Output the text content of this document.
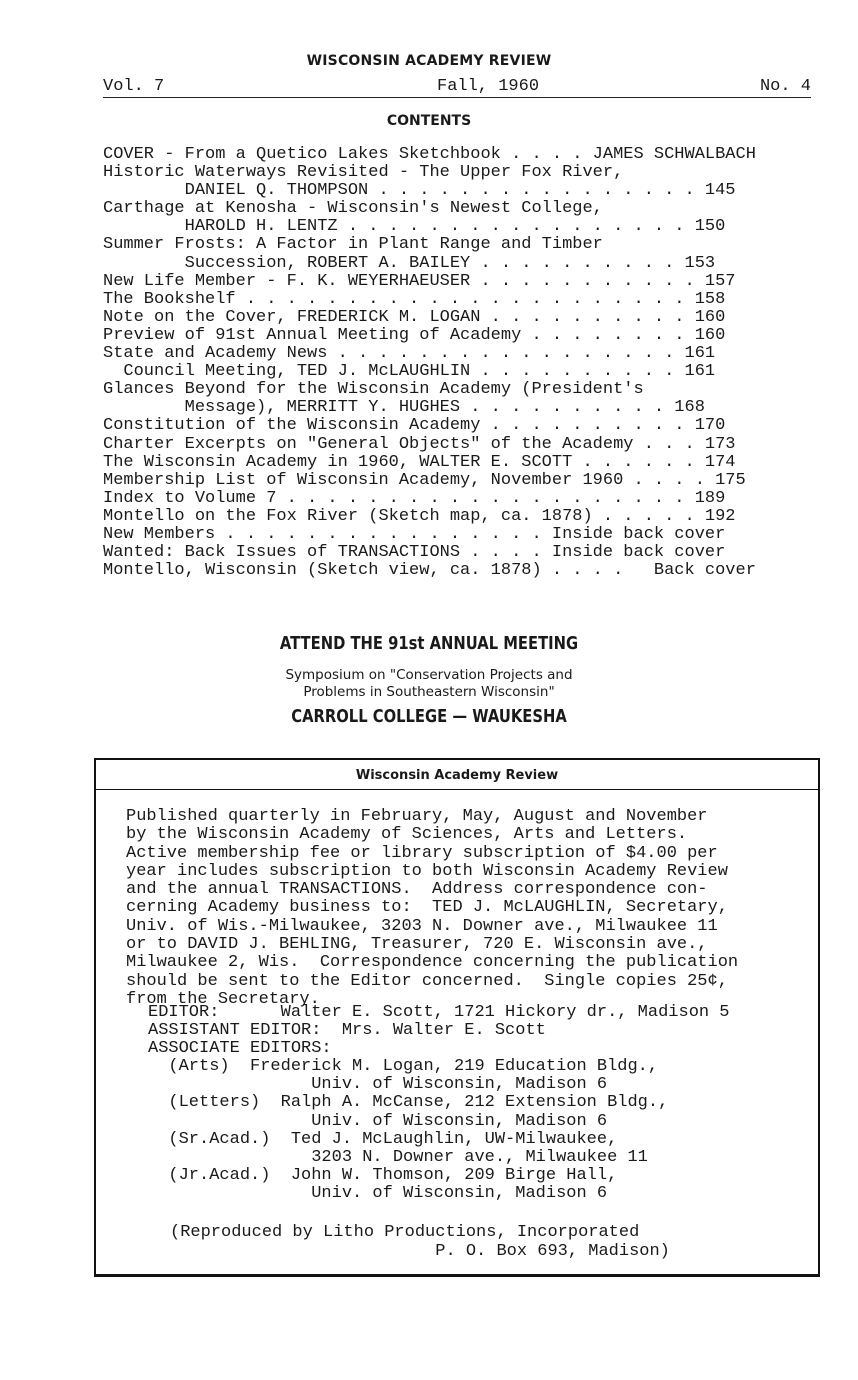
WISCONSIN ACADEMY REVIEW
Vol. 7	Fall, 1960	No. 4
CONTENTS
COVER - From a Quetico Lakes Sketchbook . . . . JAMES SCHWALBACH
Historic Waterways Revisited - The Upper Fox River,
DANIEL Q. THOMPSON . . . . . . . . . . . . . . . . 145
Carthage at Kenosha - Wisconsin's Newest College,
HAROLD H. LENTZ . . . . . . . . . . . . . . . . . 150
Summer Frosts: A Factor in Plant Range and Timber
Succession, ROBERT A. BAILEY . . . . . . . . . . 153
New Life Member - F. K. WEYERHAEUSER . . . . . . . . . . . 157
The Bookshelf . . . . . . . . . . . . . . . . . . . . . . 158
Note on the Cover, FREDERICK M. LOGAN . . . . . . . . . . 160
Preview of 91st Annual Meeting of Academy . . . . . . . . 160
State and Academy News . . . . . . . . . . . . . . . . . 161
Council Meeting, TED J. McLAUGHLIN . . . . . . . . . . 161
Glances Beyond for the Wisconsin Academy (President's
Message), MERRITT Y. HUGHES . . . . . . . . . . 168
Constitution of the Wisconsin Academy . . . . . . . . . . 170
Charter Excerpts on "General Objects" of the Academy . . . 173
The Wisconsin Academy in 1960, WALTER E. SCOTT . . . . . . 174
Membership List of Wisconsin Academy, November 1960 . . . . 175
Index to Volume 7 . . . . . . . . . . . . . . . . . . . . 189
Montello on the Fox River (Sketch map, ca. 1878) . . . . . 192
New Members . . . . . . . . . . . . . . . . Inside back cover
Wanted: Back Issues of TRANSACTIONS . . . . Inside back cover
Montello, Wisconsin (Sketch view, ca. 1878) . . . .   Back cover
ATTEND THE 91st ANNUAL MEETING
Symposium on "Conservation Projects and
Problems in Southeastern Wisconsin"
CARROLL COLLEGE — WAUKESHA
Wisconsin Academy Review
Published quarterly in February, May, August and November
by the Wisconsin Academy of Sciences, Arts and Letters.
Active membership fee or library subscription of $4.00 per
year includes subscription to both Wisconsin Academy Review
and the annual TRANSACTIONS.  Address correspondence con-
cerning Academy business to:  TED J. McLAUGHLIN, Secretary,
Univ. of Wis.-Milwaukee, 3203 N. Downer ave., Milwaukee 11
or to DAVID J. BEHLING, Treasurer, 720 E. Wisconsin ave.,
Milwaukee 2, Wis.  Correspondence concerning the publication
should be sent to the Editor concerned.  Single copies 25¢,
from the Secretary.
EDITOR:      Walter E. Scott, 1721 Hickory dr., Madison 5
ASSISTANT EDITOR:  Mrs. Walter E. Scott
ASSOCIATE EDITORS:
(Arts)  Frederick M. Logan, 219 Education Bldg.,
Univ. of Wisconsin, Madison 6
(Letters)  Ralph A. McCanse, 212 Extension Bldg.,
Univ. of Wisconsin, Madison 6
(Sr.Acad.)  Ted J. McLaughlin, UW-Milwaukee,
3203 N. Downer ave., Milwaukee 11
(Jr.Acad.)  John W. Thomson, 209 Birge Hall,
Univ. of Wisconsin, Madison 6
(Reproduced by Litho Productions, Incorporated
P. O. Box 693, Madison)
